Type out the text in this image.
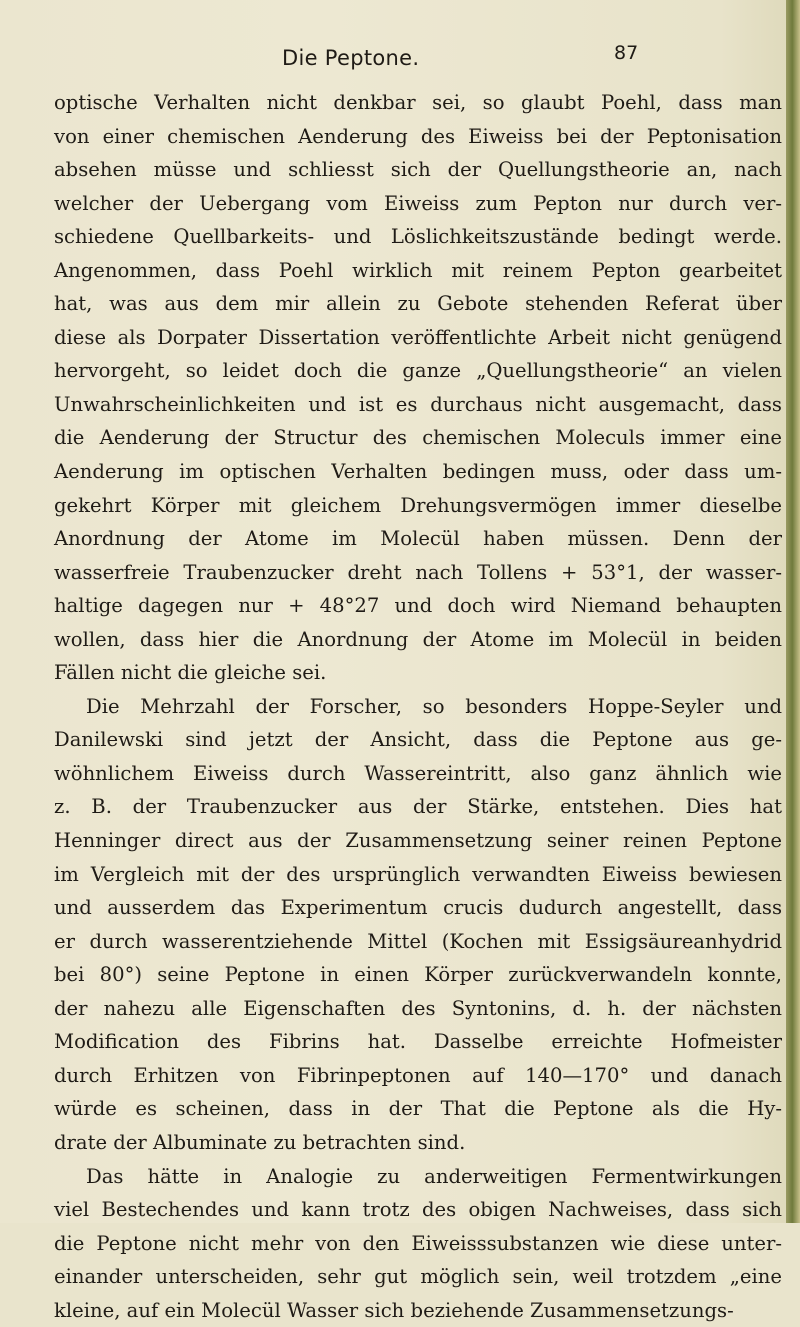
Die Peptone.	87
optische Verhalten nicht denkbar sei, so glaubt Poehl, dass man
von einer chemischen Aenderung des Eiweiss bei der Peptonisation
absehen müsse und schliesst sich der Quellungstheorie an, nach
welcher der Uebergang vom Eiweiss zum Pepton nur durch ver-
schiedene Quellbarkeits- und Löslichkeitszustände bedingt werde.
Angenommen, dass Poehl wirklich mit reinem Pepton gearbeitet
hat, was aus dem mir allein zu Gebote stehenden Referat über
diese als Dorpater Dissertation veröffentlichte Arbeit nicht genügend
hervorgeht, so leidet doch die ganze „Quellungstheorie“ an vielen
Unwahrscheinlichkeiten und ist es durchaus nicht ausgemacht, dass
die Aenderung der Structur des chemischen Moleculs immer eine
Aenderung im optischen Verhalten bedingen muss, oder dass um-
gekehrt Körper mit gleichem Drehungsvermögen immer dieselbe
Anordnung der Atome im Molecül haben müssen. Denn der
wasserfreie Traubenzucker dreht nach Tollens + 53°1, der wasser-
haltige dagegen nur + 48°27 und doch wird Niemand behaupten
wollen, dass hier die Anordnung der Atome im Molecül in beiden
Fällen nicht die gleiche sei.
Die Mehrzahl der Forscher, so besonders Hoppe-Seyler und
Danilewski sind jetzt der Ansicht, dass die Peptone aus ge-
wöhnlichem Eiweiss durch Wassereintritt, also ganz ähnlich wie
z. B. der Traubenzucker aus der Stärke, entstehen. Dies hat
Henninger direct aus der Zusammensetzung seiner reinen Peptone
im Vergleich mit der des ursprünglich verwandten Eiweiss bewiesen
und ausserdem das Experimentum crucis dudurch angestellt, dass
er durch wasserentziehende Mittel (Kochen mit Essigsäureanhydrid
bei 80°) seine Peptone in einen Körper zurückverwandeln konnte,
der nahezu alle Eigenschaften des Syntonins, d. h. der nächsten
Modification des Fibrins hat. Dasselbe erreichte Hofmeister
durch Erhitzen von Fibrinpeptonen auf 140—170° und danach
würde es scheinen, dass in der That die Peptone als die Hy-
drate der Albuminate zu betrachten sind.
Das hätte in Analogie zu anderweitigen Fermentwirkungen
viel Bestechendes und kann trotz des obigen Nachweises, dass sich
die Peptone nicht mehr von den Eiweisssubstanzen wie diese unter-
einander unterscheiden, sehr gut möglich sein, weil trotzdem „eine
kleine, auf ein Molecül Wasser sich beziehende Zusammensetzungs-
